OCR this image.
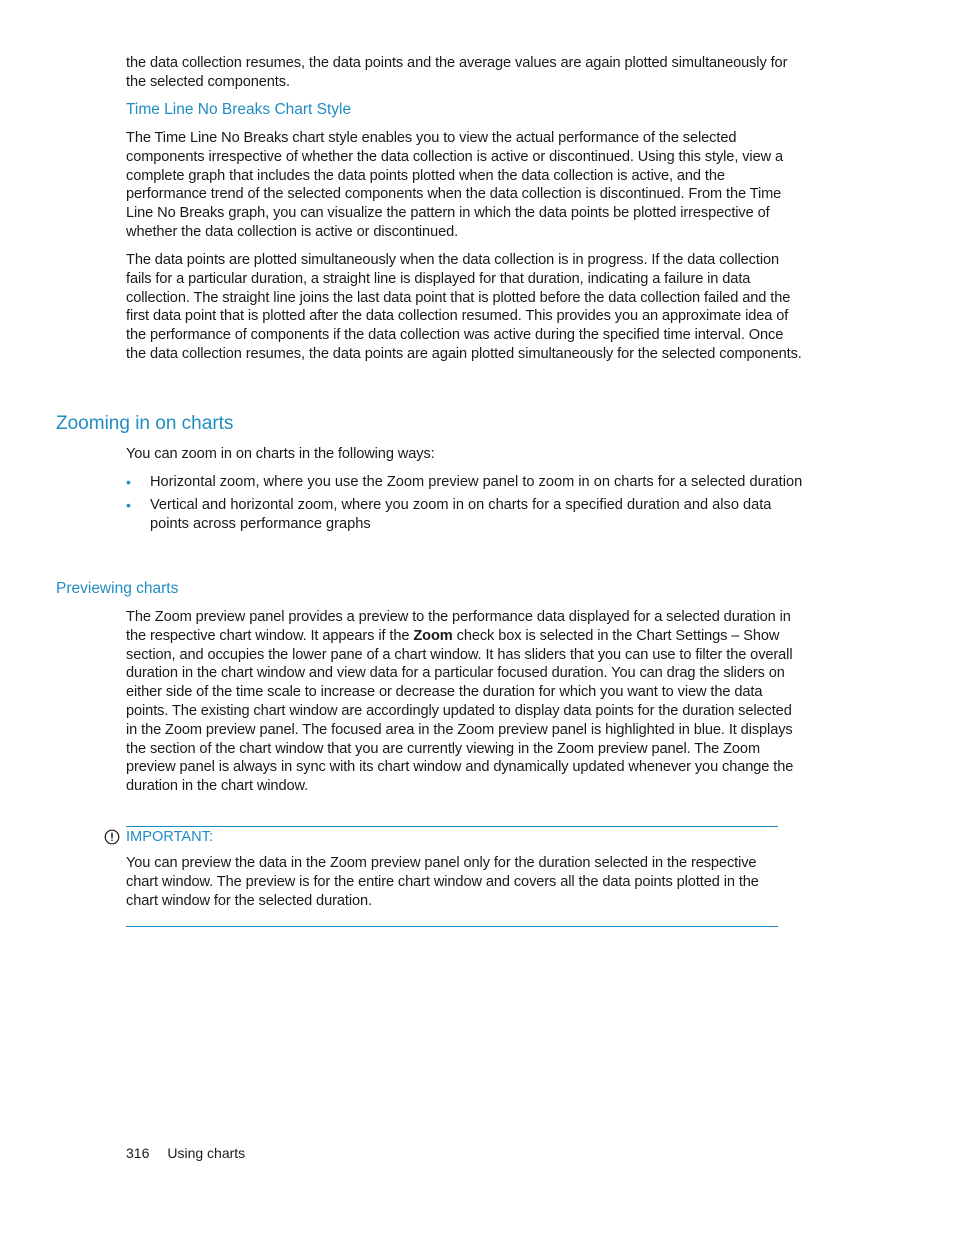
the data collection resumes, the data points and the average values are again plotted simultaneously for the selected components.

Time Line No Breaks Chart Style

The Time Line No Breaks chart style enables you to view the actual performance of the selected components irrespective of whether the data collection is active or discontinued. Using this style, view a complete graph that includes the data points plotted when the data collection is active, and the performance trend of the selected components when the data collection is discontinued. From the Time Line No Breaks graph, you can visualize the pattern in which the data points be plotted irrespective of whether the data collection is active or discontinued.

The data points are plotted simultaneously when the data collection is in progress. If the data collection fails for a particular duration, a straight line is displayed for that duration, indicating a failure in data collection. The straight line joins the last data point that is plotted before the data collection failed and the first data point that is plotted after the data collection resumed. This provides you an approximate idea of the performance of components if the data collection was active during the specified time interval. Once the data collection resumes, the data points are again plotted simultaneously for the selected components.

Zooming in on charts

You can zoom in on charts in the following ways:

• Horizontal zoom, where you use the Zoom preview panel to zoom in on charts for a selected duration
• Vertical and horizontal zoom, where you zoom in on charts for a specified duration and also data points across performance graphs
Previewing charts

The Zoom preview panel provides a preview to the performance data displayed for a selected duration in the respective chart window. It appears if the Zoom check box is selected in the Chart Settings – Show section, and occupies the lower pane of a chart window. It has sliders that you can use to filter the overall duration in the chart window and view data for a particular focused duration. You can drag the sliders on either side of the time scale to increase or decrease the duration for which you want to view the data points. The existing chart window are accordingly updated to display data points for the duration selected in the Zoom preview panel. The focused area in the Zoom preview panel is highlighted in blue. It displays the section of the chart window that you are currently viewing in the Zoom preview panel. The Zoom preview panel is always in sync with its chart window and dynamically updated whenever you change the duration in the chart window.

IMPORTANT:

You can preview the data in the Zoom preview panel only for the duration selected in the respective chart window. The preview is for the entire chart window and covers all the data points plotted in the chart window for the selected duration.

316 Using charts
